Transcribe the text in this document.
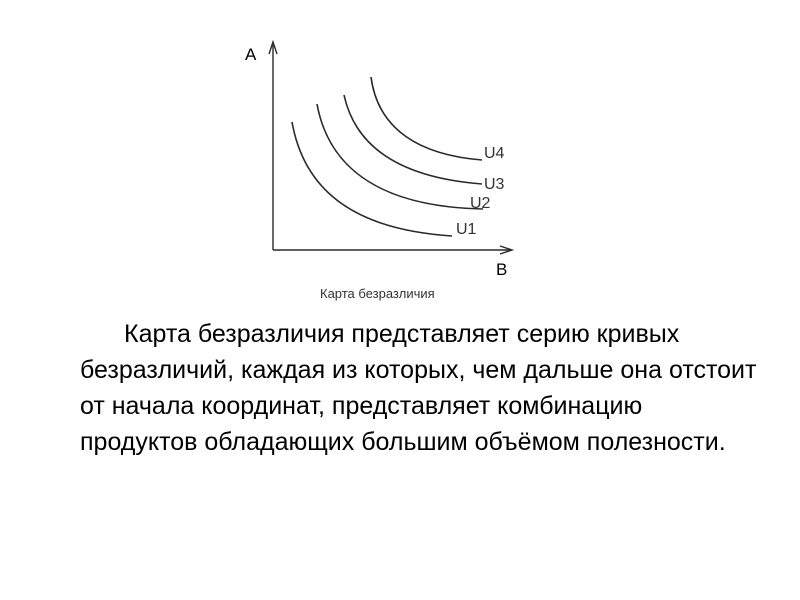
A
B
U1
U2
U3
U4
Карта безразличия

Карта безразличия представляет серию кривых безразличий, каждая из которых, чем дальше она отстоит от начала координат, представляет комбинацию продуктов обладающих большим объёмом полезности.
